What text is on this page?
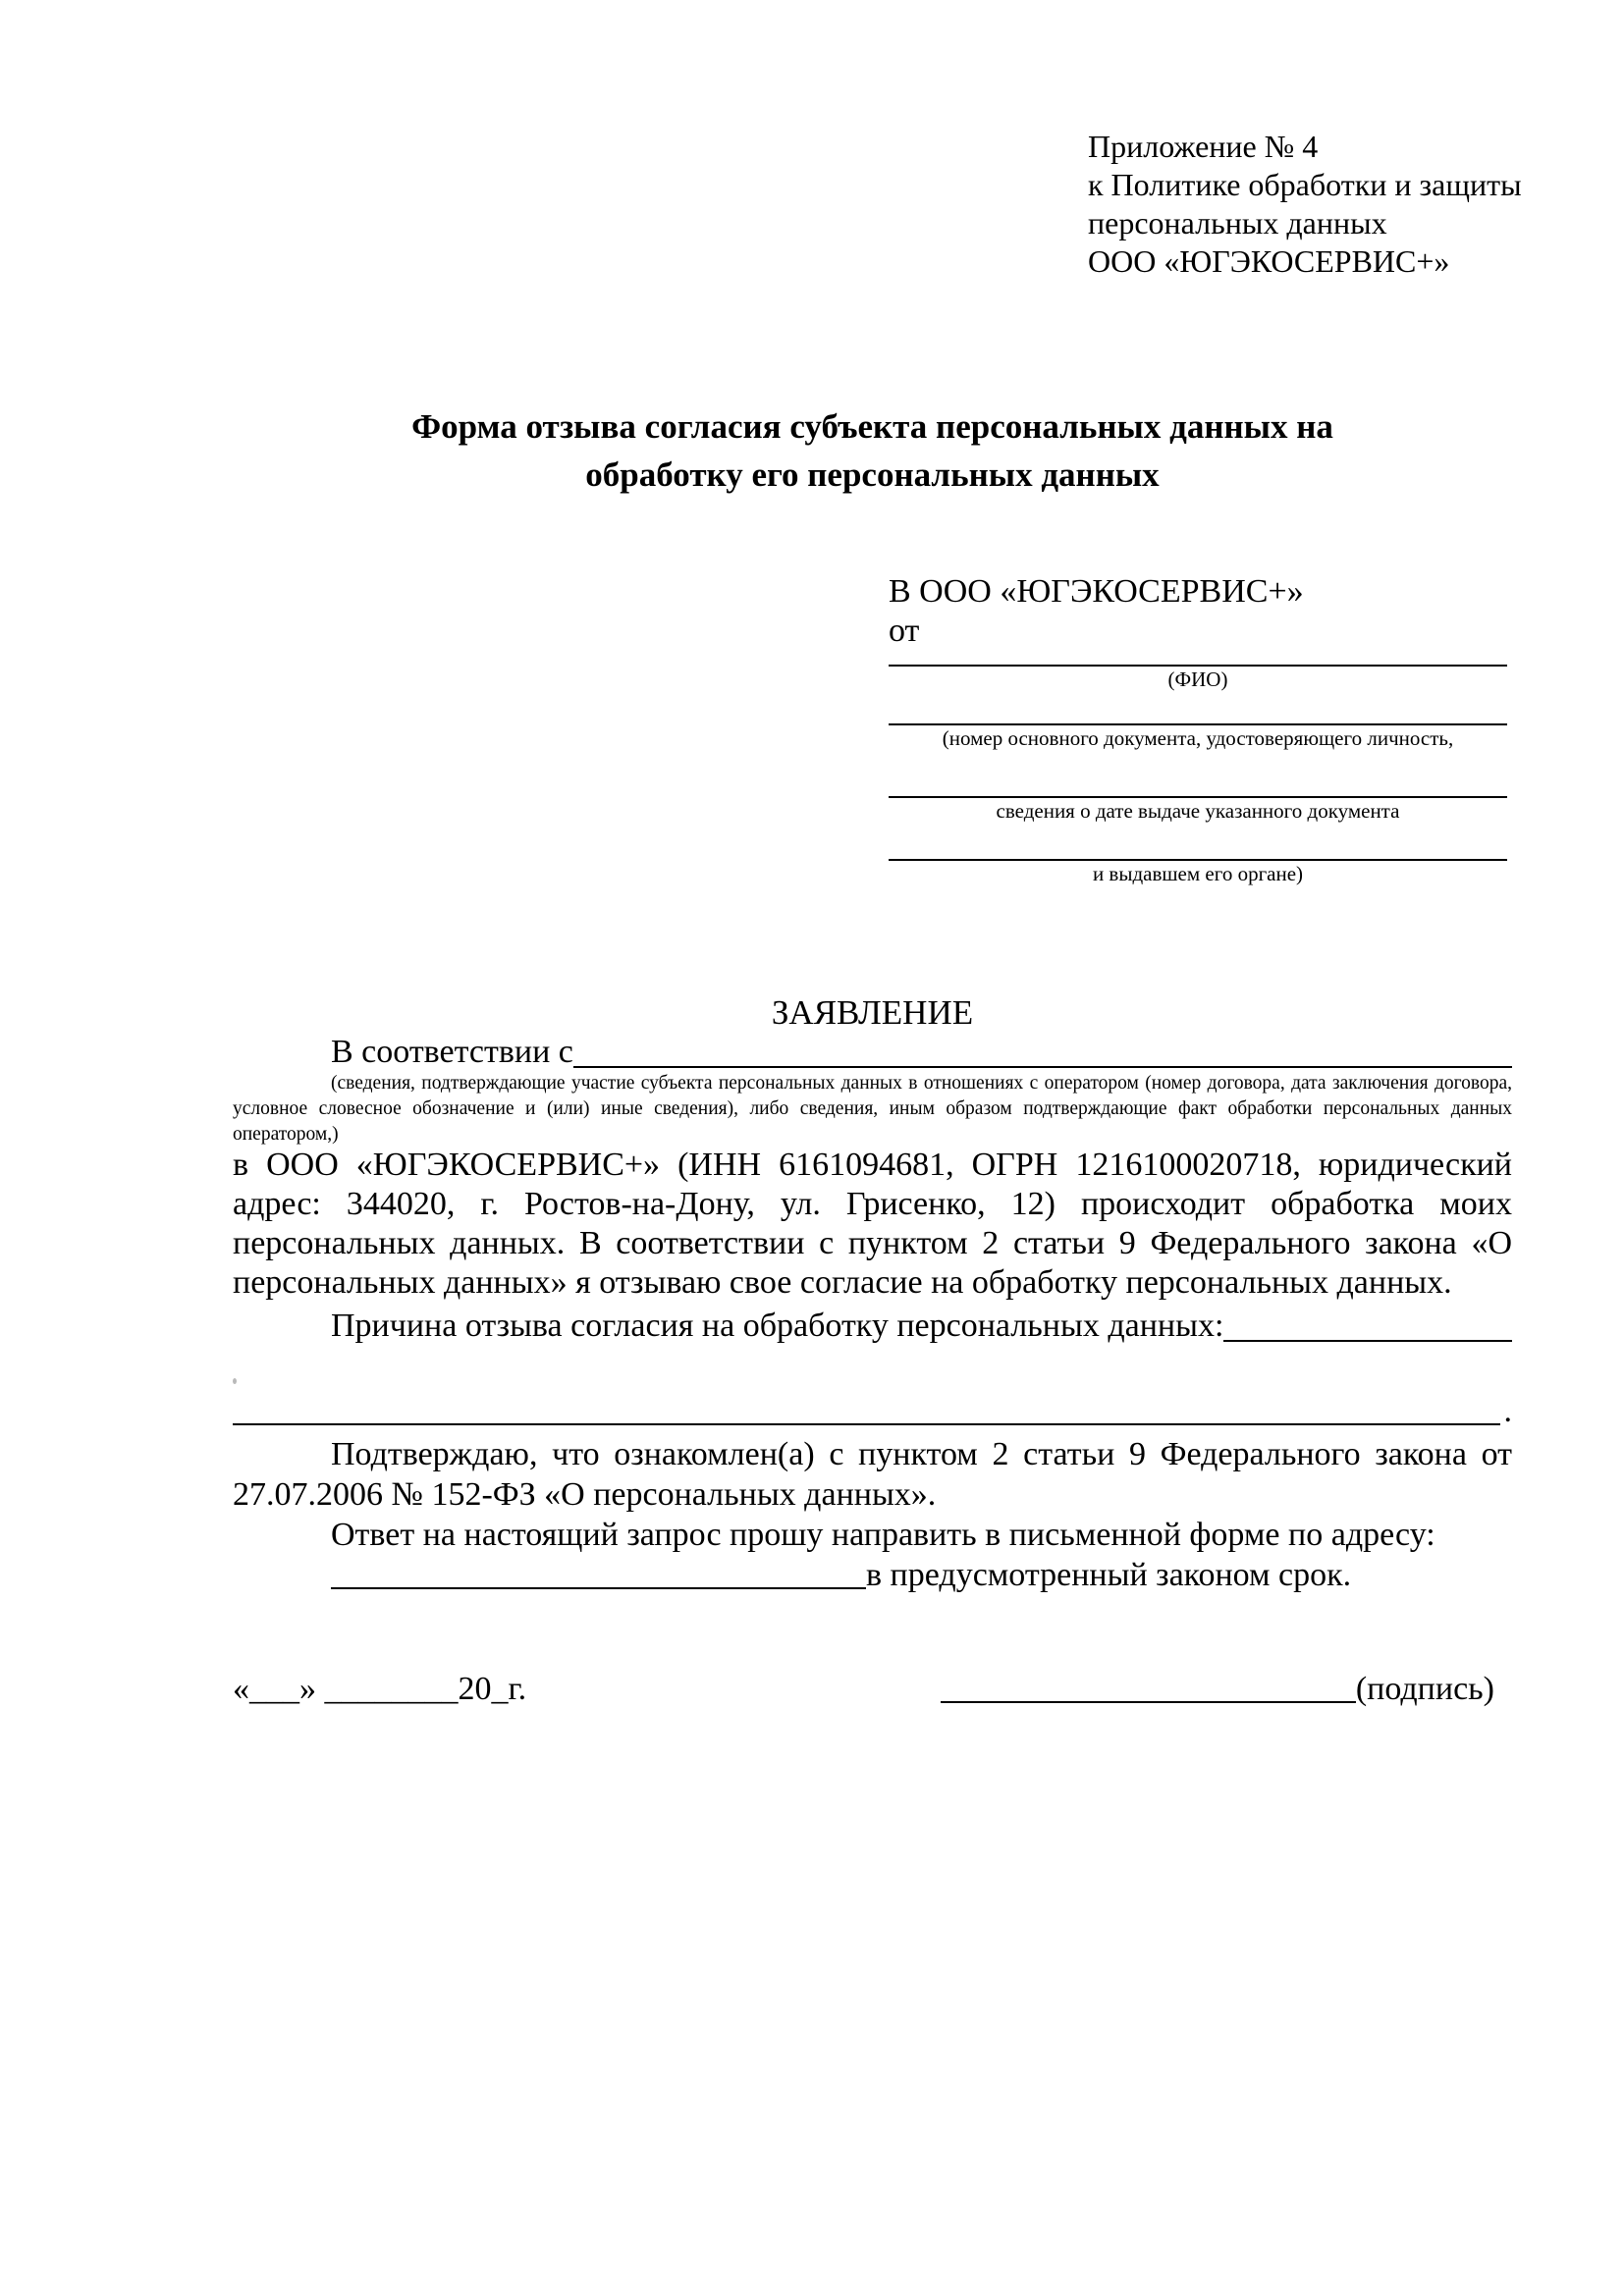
Приложение № 4
к Политике обработки и защиты
персональных данных
ООО «ЮГЭКОСЕРВИС+»
Форма отзыва согласия субъекта персональных данных на обработку его персональных данных
В ООО «ЮГЭКОСЕРВИС+»
от
(ФИО)
(номер основного документа, удостоверяющего личность,
сведения о дате выдаче указанного документа
и выдавшем его органе)
ЗАЯВЛЕНИЕ
В соответствии с
(сведения, подтверждающие участие субъекта персональных данных в отношениях с оператором (номер договора, дата заключения договора, условное словесное обозначение и (или) иные сведения), либо сведения, иным образом подтверждающие факт обработки персональных данных оператором,)
в ООО «ЮГЭКОСЕРВИС+» (ИНН 6161094681, ОГРН 1216100020718, юридический адрес: 344020, г. Ростов-на-Дону, ул. Грисенко, 12) происходит обработка моих персональных данных. В соответствии с пунктом 2 статьи 9 Федерального закона «О персональных данных» я отзываю свое согласие на обработку персональных данных.
Причина отзыва согласия на обработку персональных данных:
.

Подтверждаю, что ознакомлен(а) с пунктом 2 статьи 9 Федерального закона от 27.07.2006 № 152-ФЗ «О персональных данных».

Ответ на настоящий запрос прошу направить в письменной форме по адресу:

в предусмотренный законом срок.

«___» ________20_г.	(подпись)
